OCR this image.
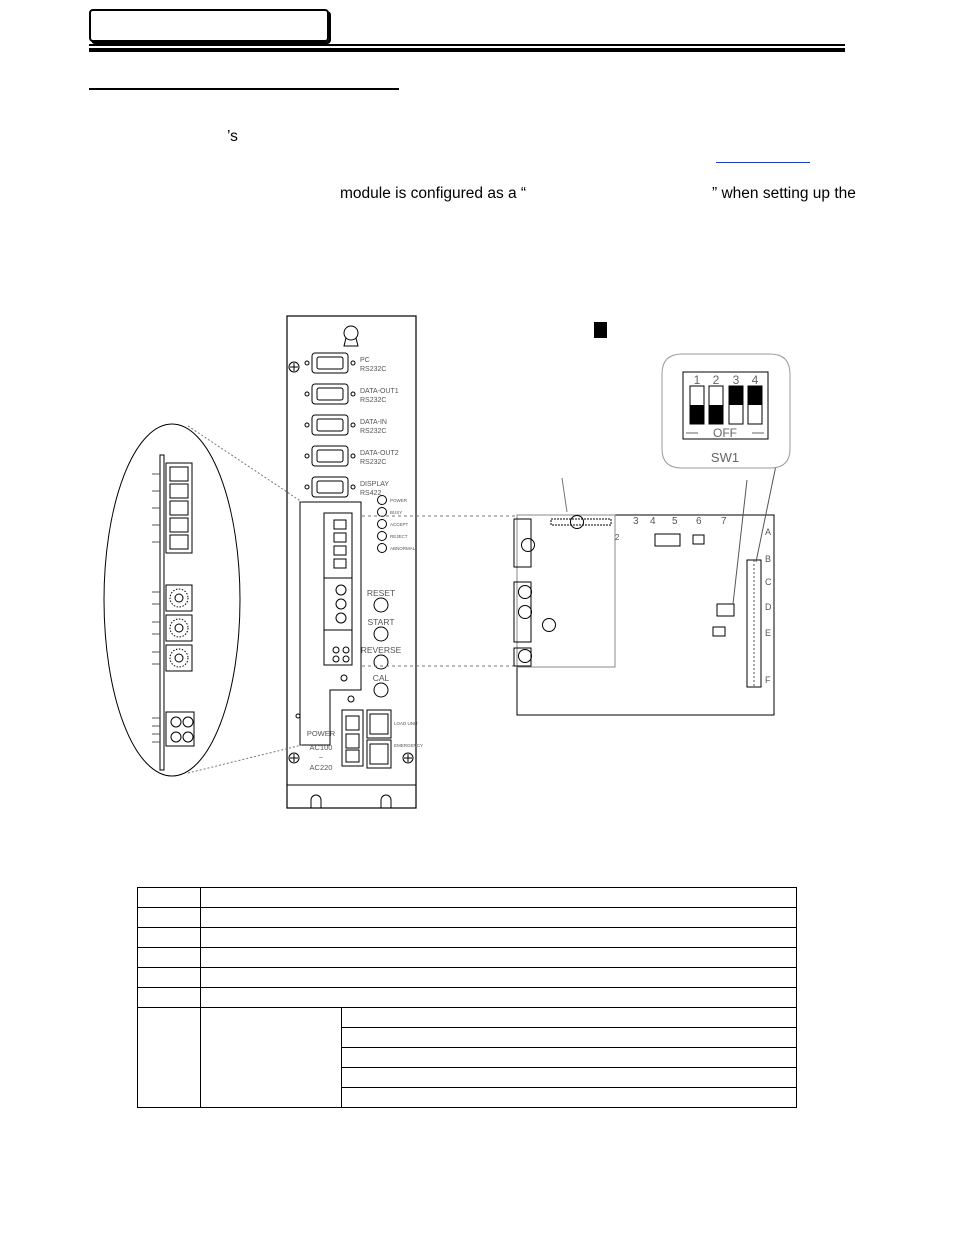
’s
module is configured as a “	” when setting up the
PC
RS232C
DATA-OUT1
RS232C
DATA-IN
RS232C
DATA-OUT2
RS232C
DISPLAY
RS422
POWER
BUSY
ACCEPT
REJECT
ABNORMAL
RESET
START
REVERSE
CAL
POWER
AC100
~
AC220
LOAD UNIT
EMERGENCY
3 4 5 6 7
2
A
B
C
D
E
F
1 2 3 4
OFF
SW1
